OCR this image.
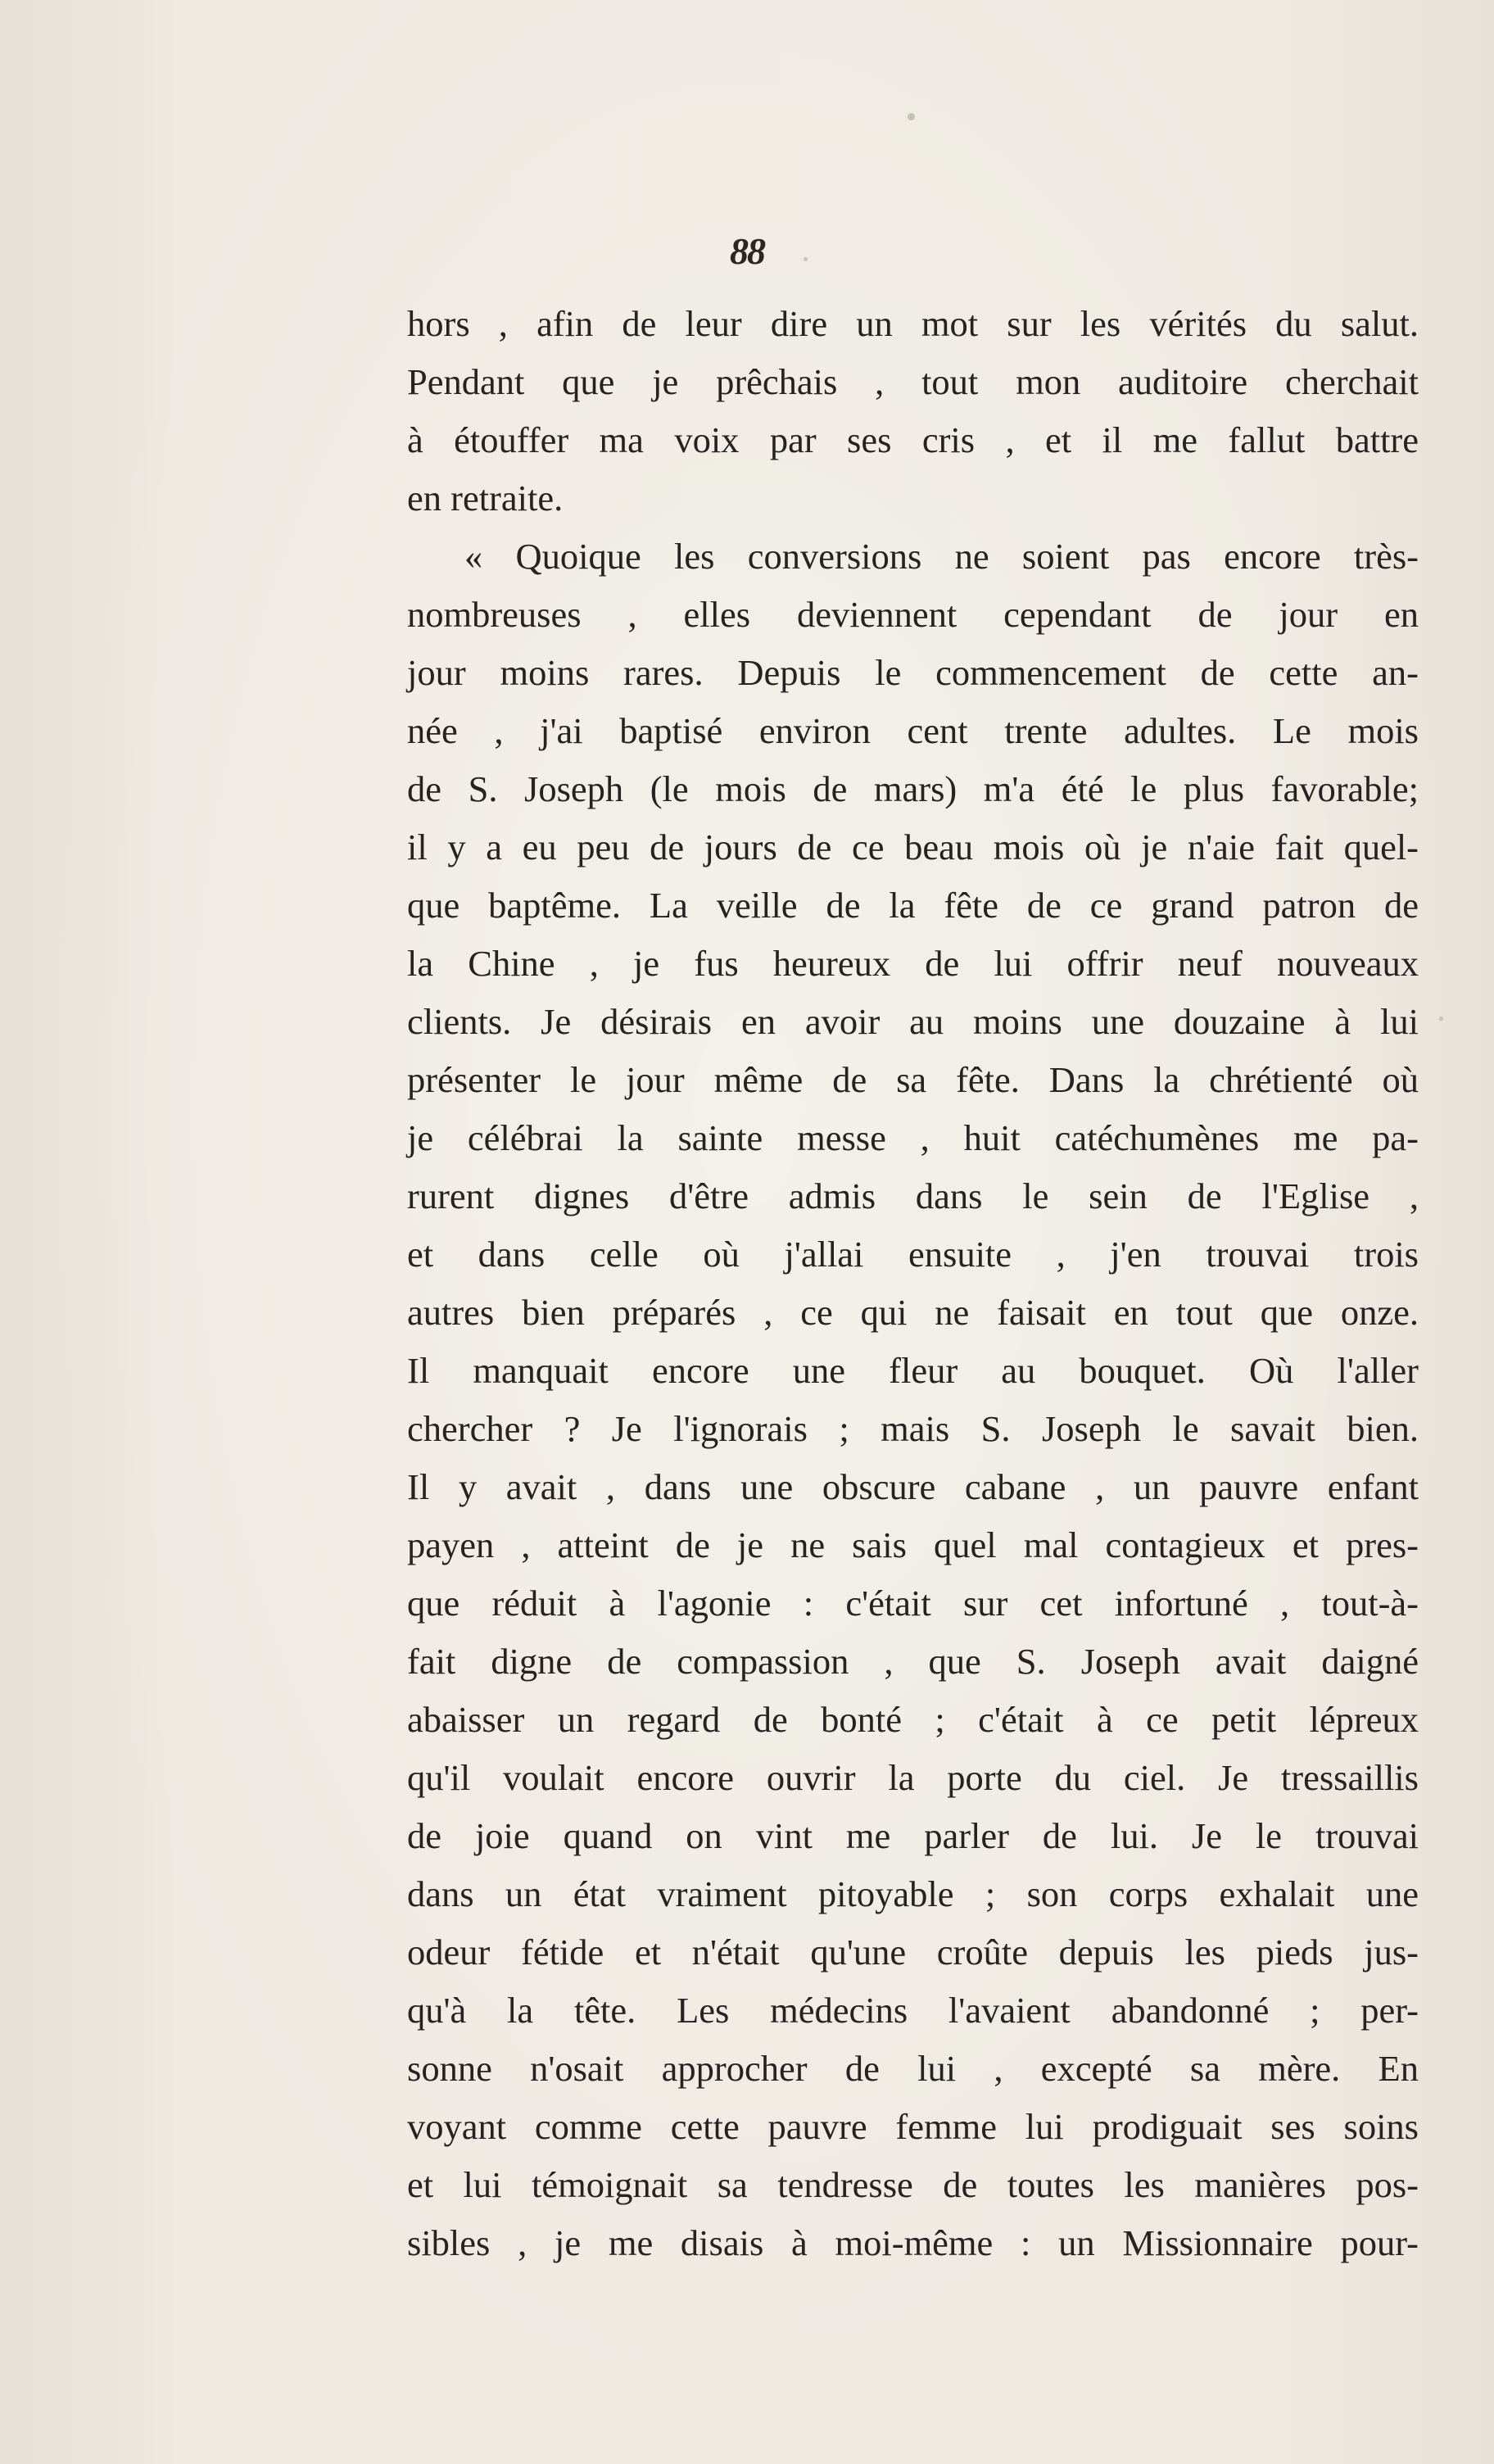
88
hors , afin de leur dire un mot sur les vérités du salut.
Pendant que je prêchais , tout mon auditoire cherchait
à étouffer ma voix par ses cris , et il me fallut battre
en retraite.
« Quoique les conversions ne soient pas encore très-
nombreuses , elles deviennent cependant de jour en
jour moins rares. Depuis le commencement de cette an-
née , j'ai baptisé environ cent trente adultes. Le mois
de S. Joseph (le mois de mars) m'a été le plus favorable;
il y a eu peu de jours de ce beau mois où je n'aie fait quel-
que baptême. La veille de la fête de ce grand patron de
la Chine , je fus heureux de lui offrir neuf nouveaux
clients. Je désirais en avoir au moins une douzaine à lui
présenter le jour même de sa fête. Dans la chrétienté où
je célébrai la sainte messe , huit catéchumènes me pa-
rurent dignes d'être admis dans le sein de l'Eglise ,
et dans celle où j'allai ensuite , j'en trouvai trois
autres bien préparés , ce qui ne faisait en tout que onze.
Il manquait encore une fleur au bouquet. Où l'aller
chercher ? Je l'ignorais ; mais S. Joseph le savait bien.
Il y avait , dans une obscure cabane , un pauvre enfant
payen , atteint de je ne sais quel mal contagieux et pres-
que réduit à l'agonie : c'était sur cet infortuné , tout-à-
fait digne de compassion , que S. Joseph avait daigné
abaisser un regard de bonté ; c'était à ce petit lépreux
qu'il voulait encore ouvrir la porte du ciel. Je tressaillis
de joie quand on vint me parler de lui. Je le trouvai
dans un état vraiment pitoyable ; son corps exhalait une
odeur fétide et n'était qu'une croûte depuis les pieds jus-
qu'à la tête. Les médecins l'avaient abandonné ; per-
sonne n'osait approcher de lui , excepté sa mère. En
voyant comme cette pauvre femme lui prodiguait ses soins
et lui témoignait sa tendresse de toutes les manières pos-
sibles , je me disais à moi-même : un Missionnaire pour-
